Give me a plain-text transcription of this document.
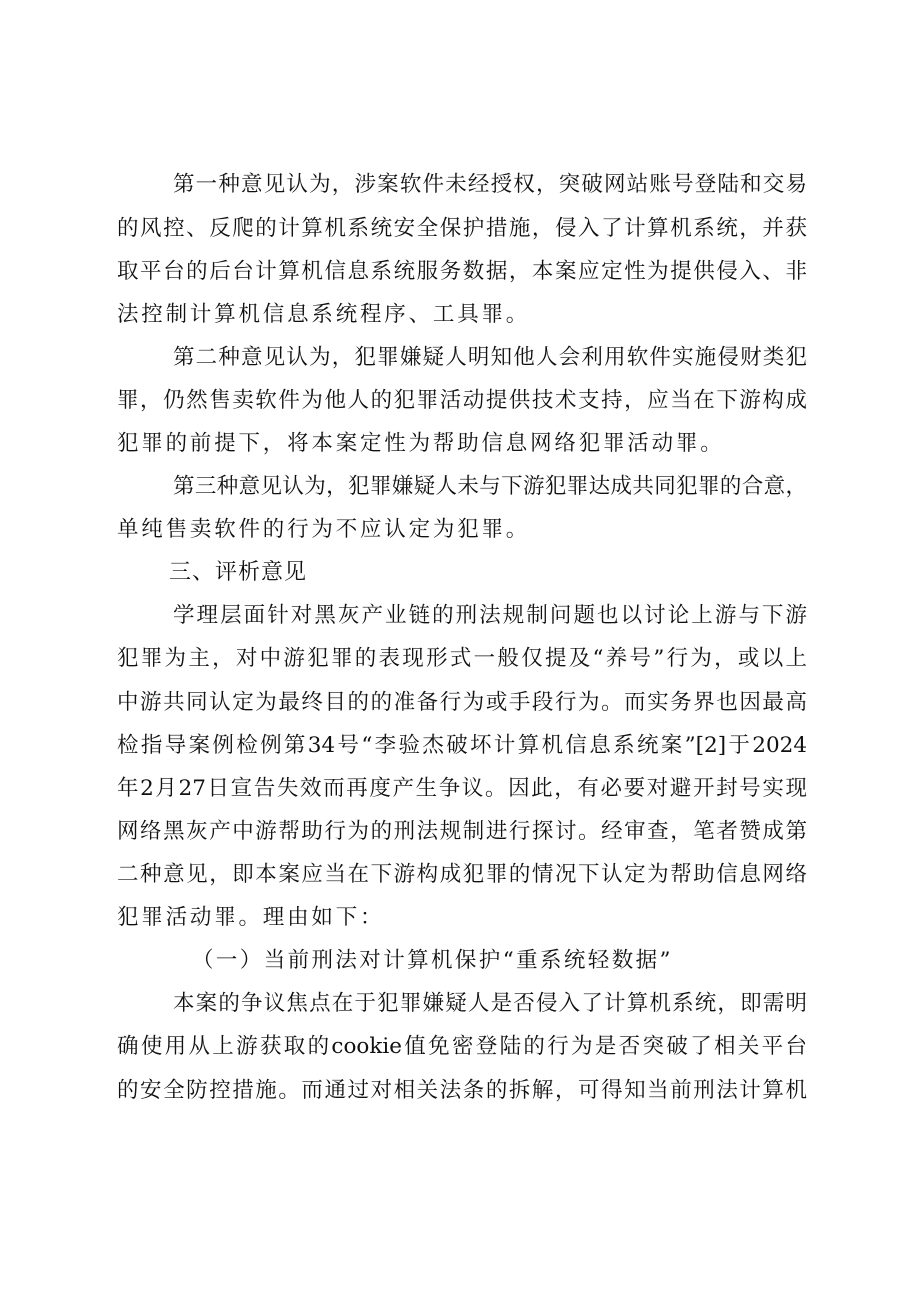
第一种意见认为，涉案软件未经授权，突破网站账号登陆和交易

的风控、反爬的计算机系统安全保护措施，侵入了计算机系统，并获

取平台的后台计算机信息系统服务数据，本案应定性为提供侵入、非

法控制计算机信息系统程序、工具罪。

第二种意见认为，犯罪嫌疑人明知他人会利用软件实施侵财类犯

罪，仍然售卖软件为他人的犯罪活动提供技术支持，应当在下游构成

犯罪的前提下，将本案定性为帮助信息网络犯罪活动罪。

第三种意见认为，犯罪嫌疑人未与下游犯罪达成共同犯罪的合意，

单纯售卖软件的行为不应认定为犯罪。

三、评析意见

学理层面针对黑灰产业链的刑法规制问题也以讨论上游与下游

犯罪为主，对中游犯罪的表现形式一般仅提及“养号”行为，或以上

中游共同认定为最终目的的准备行为或手段行为。而实务界也因最高

检指导案例检例第34号“李验杰破坏计算机信息系统案”[2]于2024

年2月27日宣告失效而再度产生争议。因此，有必要对避开封号实现

网络黑灰产中游帮助行为的刑法规制进行探讨。经审查，笔者赞成第

二种意见，即本案应当在下游构成犯罪的情况下认定为帮助信息网络

犯罪活动罪。理由如下：

（一）当前刑法对计算机保护“重系统轻数据”

本案的争议焦点在于犯罪嫌疑人是否侵入了计算机系统，即需明

确使用从上游获取的cookie值免密登陆的行为是否突破了相关平台

的安全防控措施。而通过对相关法条的拆解，可得知当前刑法计算机
